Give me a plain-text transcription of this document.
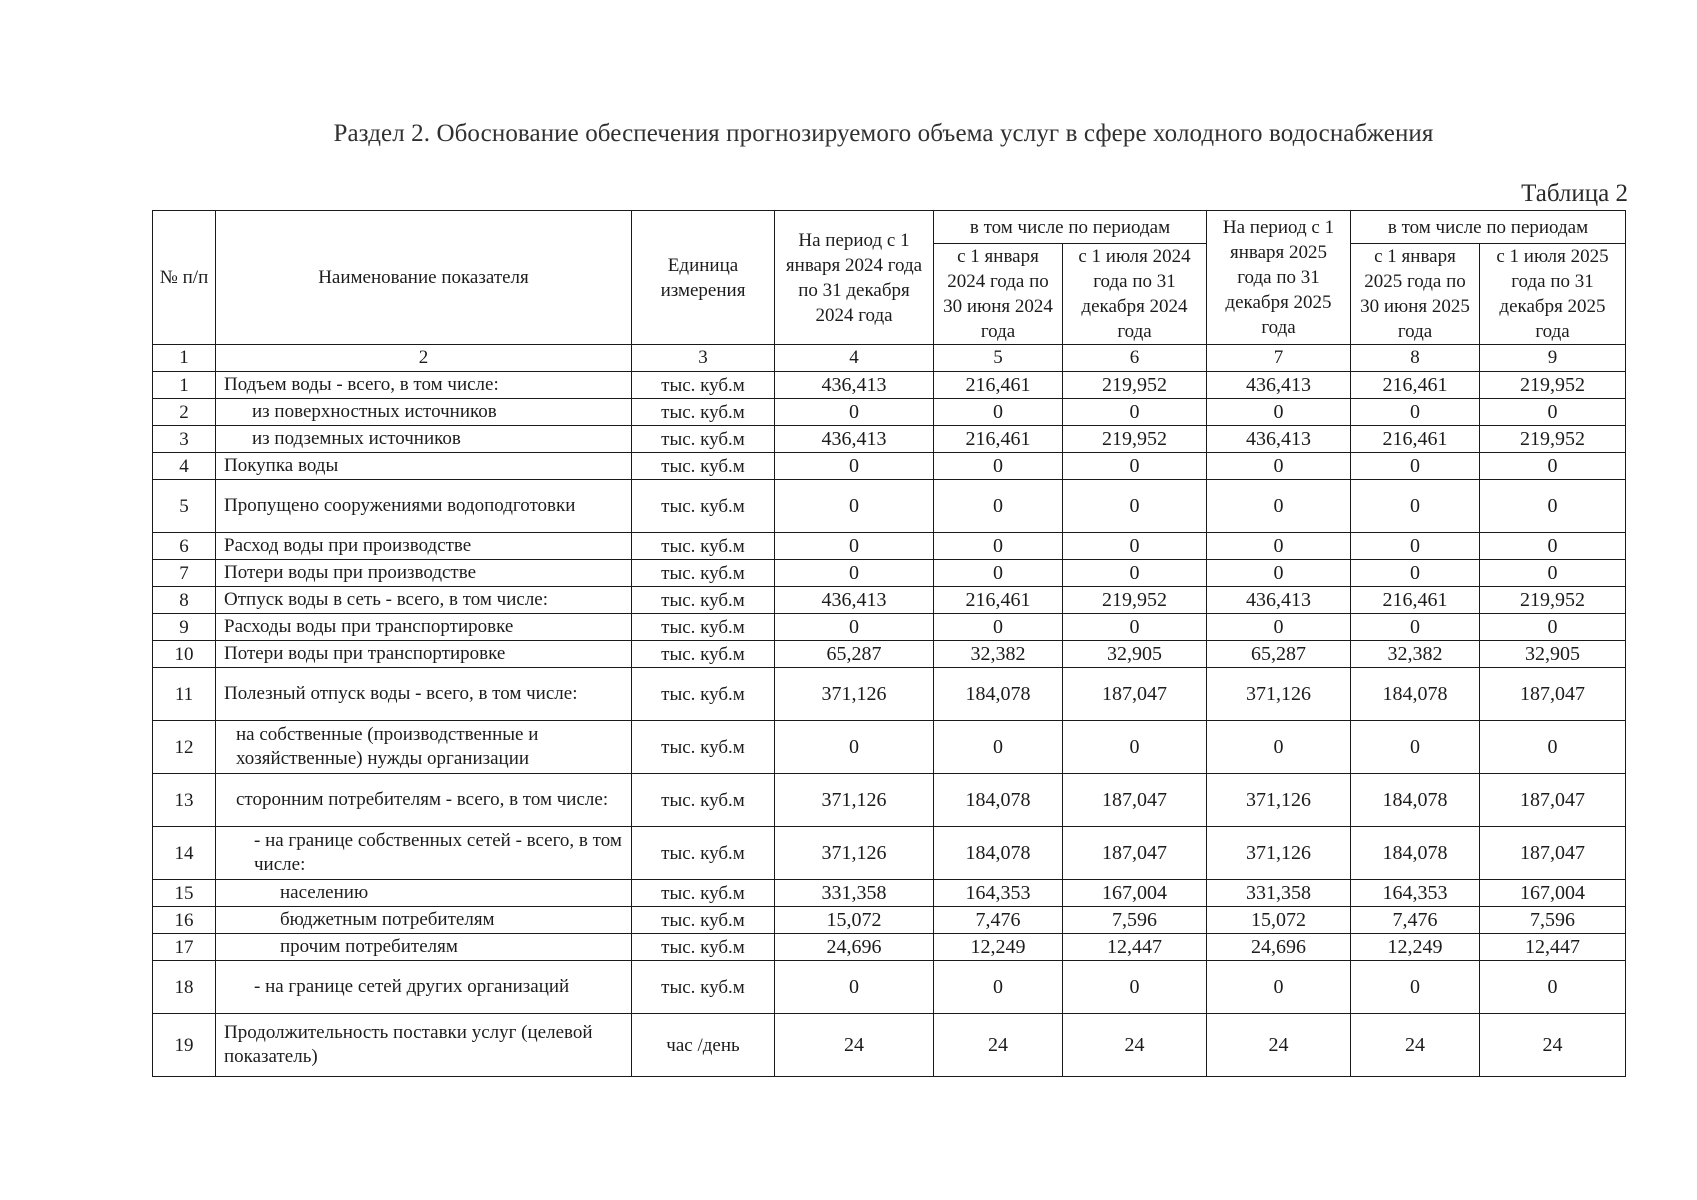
Раздел 2. Обоснование обеспечения прогнозируемого объема услуг в сфере холодного водоснабжения
Таблица 2
№ п/п	Наименование показателя	Единица измерения	На период с 1 января 2024 года по 31 декабря 2024 года	в том числе по периодам		На период с 1 января 2025 года по 31 декабря 2025 года	в том числе по периодам	
				с 1 января 2024 года по 30 июня 2024 года	с 1 июля 2024 года по 31 декабря 2024 года		с 1 января 2025 года по 30 июня 2025 года	с 1 июля 2025 года по 31 декабря 2025 года
1	2	3	4	5	6	7	8	9
1	Подъем воды - всего, в том числе:	тыс. куб.м	436,413	216,461	219,952	436,413	216,461	219,952
2	из поверхностных источников	тыс. куб.м	0	0	0	0	0	0
3	из подземных источников	тыс. куб.м	436,413	216,461	219,952	436,413	216,461	219,952
4	Покупка воды	тыс. куб.м	0	0	0	0	0	0
5	Пропущено сооружениями водоподготовки	тыс. куб.м	0	0	0	0	0	0
6	Расход воды при производстве	тыс. куб.м	0	0	0	0	0	0
7	Потери воды при производстве	тыс. куб.м	0	0	0	0	0	0
8	Отпуск воды в сеть - всего, в том числе:	тыс. куб.м	436,413	216,461	219,952	436,413	216,461	219,952
9	Расходы воды при транспортировке	тыс. куб.м	0	0	0	0	0	0
10	Потери воды при транспортировке	тыс. куб.м	65,287	32,382	32,905	65,287	32,382	32,905
11	Полезный отпуск воды - всего, в том числе:	тыс. куб.м	371,126	184,078	187,047	371,126	184,078	187,047
12	на собственные (производственные и хозяйственные) нужды организации	тыс. куб.м	0	0	0	0	0	0
13	сторонним потребителям - всего, в том числе:	тыс. куб.м	371,126	184,078	187,047	371,126	184,078	187,047
14	- на границе собственных сетей - всего, в том числе:	тыс. куб.м	371,126	184,078	187,047	371,126	184,078	187,047
15	населению	тыс. куб.м	331,358	164,353	167,004	331,358	164,353	167,004
16	бюджетным потребителям	тыс. куб.м	15,072	7,476	7,596	15,072	7,476	7,596
17	прочим потребителям	тыс. куб.м	24,696	12,249	12,447	24,696	12,249	12,447
18	- на границе сетей других организаций	тыс. куб.м	0	0	0	0	0	0
19	Продолжительность поставки услуг (целевой показатель)	час /день	24	24	24	24	24	24
